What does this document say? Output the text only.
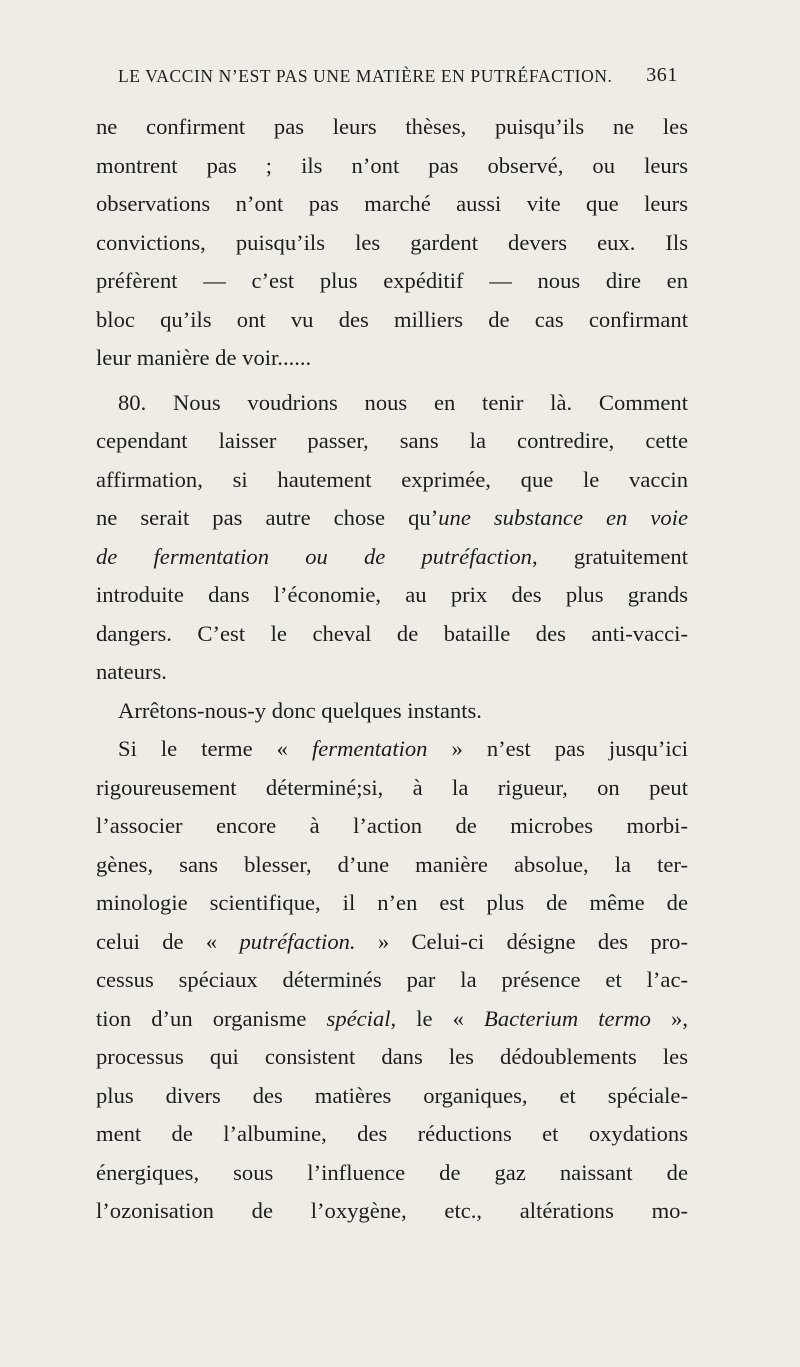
LE VACCIN N’EST PAS UNE MATIÈRE EN PUTRÉFACTION. 361
ne confirment pas leurs thèses, puisqu’ils ne les
montrent pas ; ils n’ont pas observé, ou leurs
observations n’ont pas marché aussi vite que leurs
convictions, puisqu’ils les gardent devers eux. Ils
préfèrent — c’est plus expéditif — nous dire en
bloc qu’ils ont vu des milliers de cas confirmant
leur manière de voir......
80. Nous voudrions nous en tenir là. Comment
cependant laisser passer, sans la contredire, cette
affirmation, si hautement exprimée, que le vaccin
ne serait pas autre chose qu’une substance en voie
de fermentation ou de putréfaction, gratuitement
introduite dans l’économie, au prix des plus grands
dangers. C’est le cheval de bataille des anti-vacci-
nateurs.
Arrêtons-nous-y donc quelques instants.
Si le terme « fermentation » n’est pas jusqu’ici
rigoureusement déterminé;si, à la rigueur, on peut
l’associer encore à l’action de microbes morbi-
gènes, sans blesser, d’une manière absolue, la ter-
minologie scientifique, il n’en est plus de même de
celui de « putréfaction. » Celui-ci désigne des pro-
cessus spéciaux déterminés par la présence et l’ac-
tion d’un organisme spécial, le « Bacterium termo »,
processus qui consistent dans les dédoublements les
plus divers des matières organiques, et spéciale-
ment de l’albumine, des réductions et oxydations
énergiques, sous l’influence de gaz naissant de
l’ozonisation de l’oxygène, etc., altérations mo-
